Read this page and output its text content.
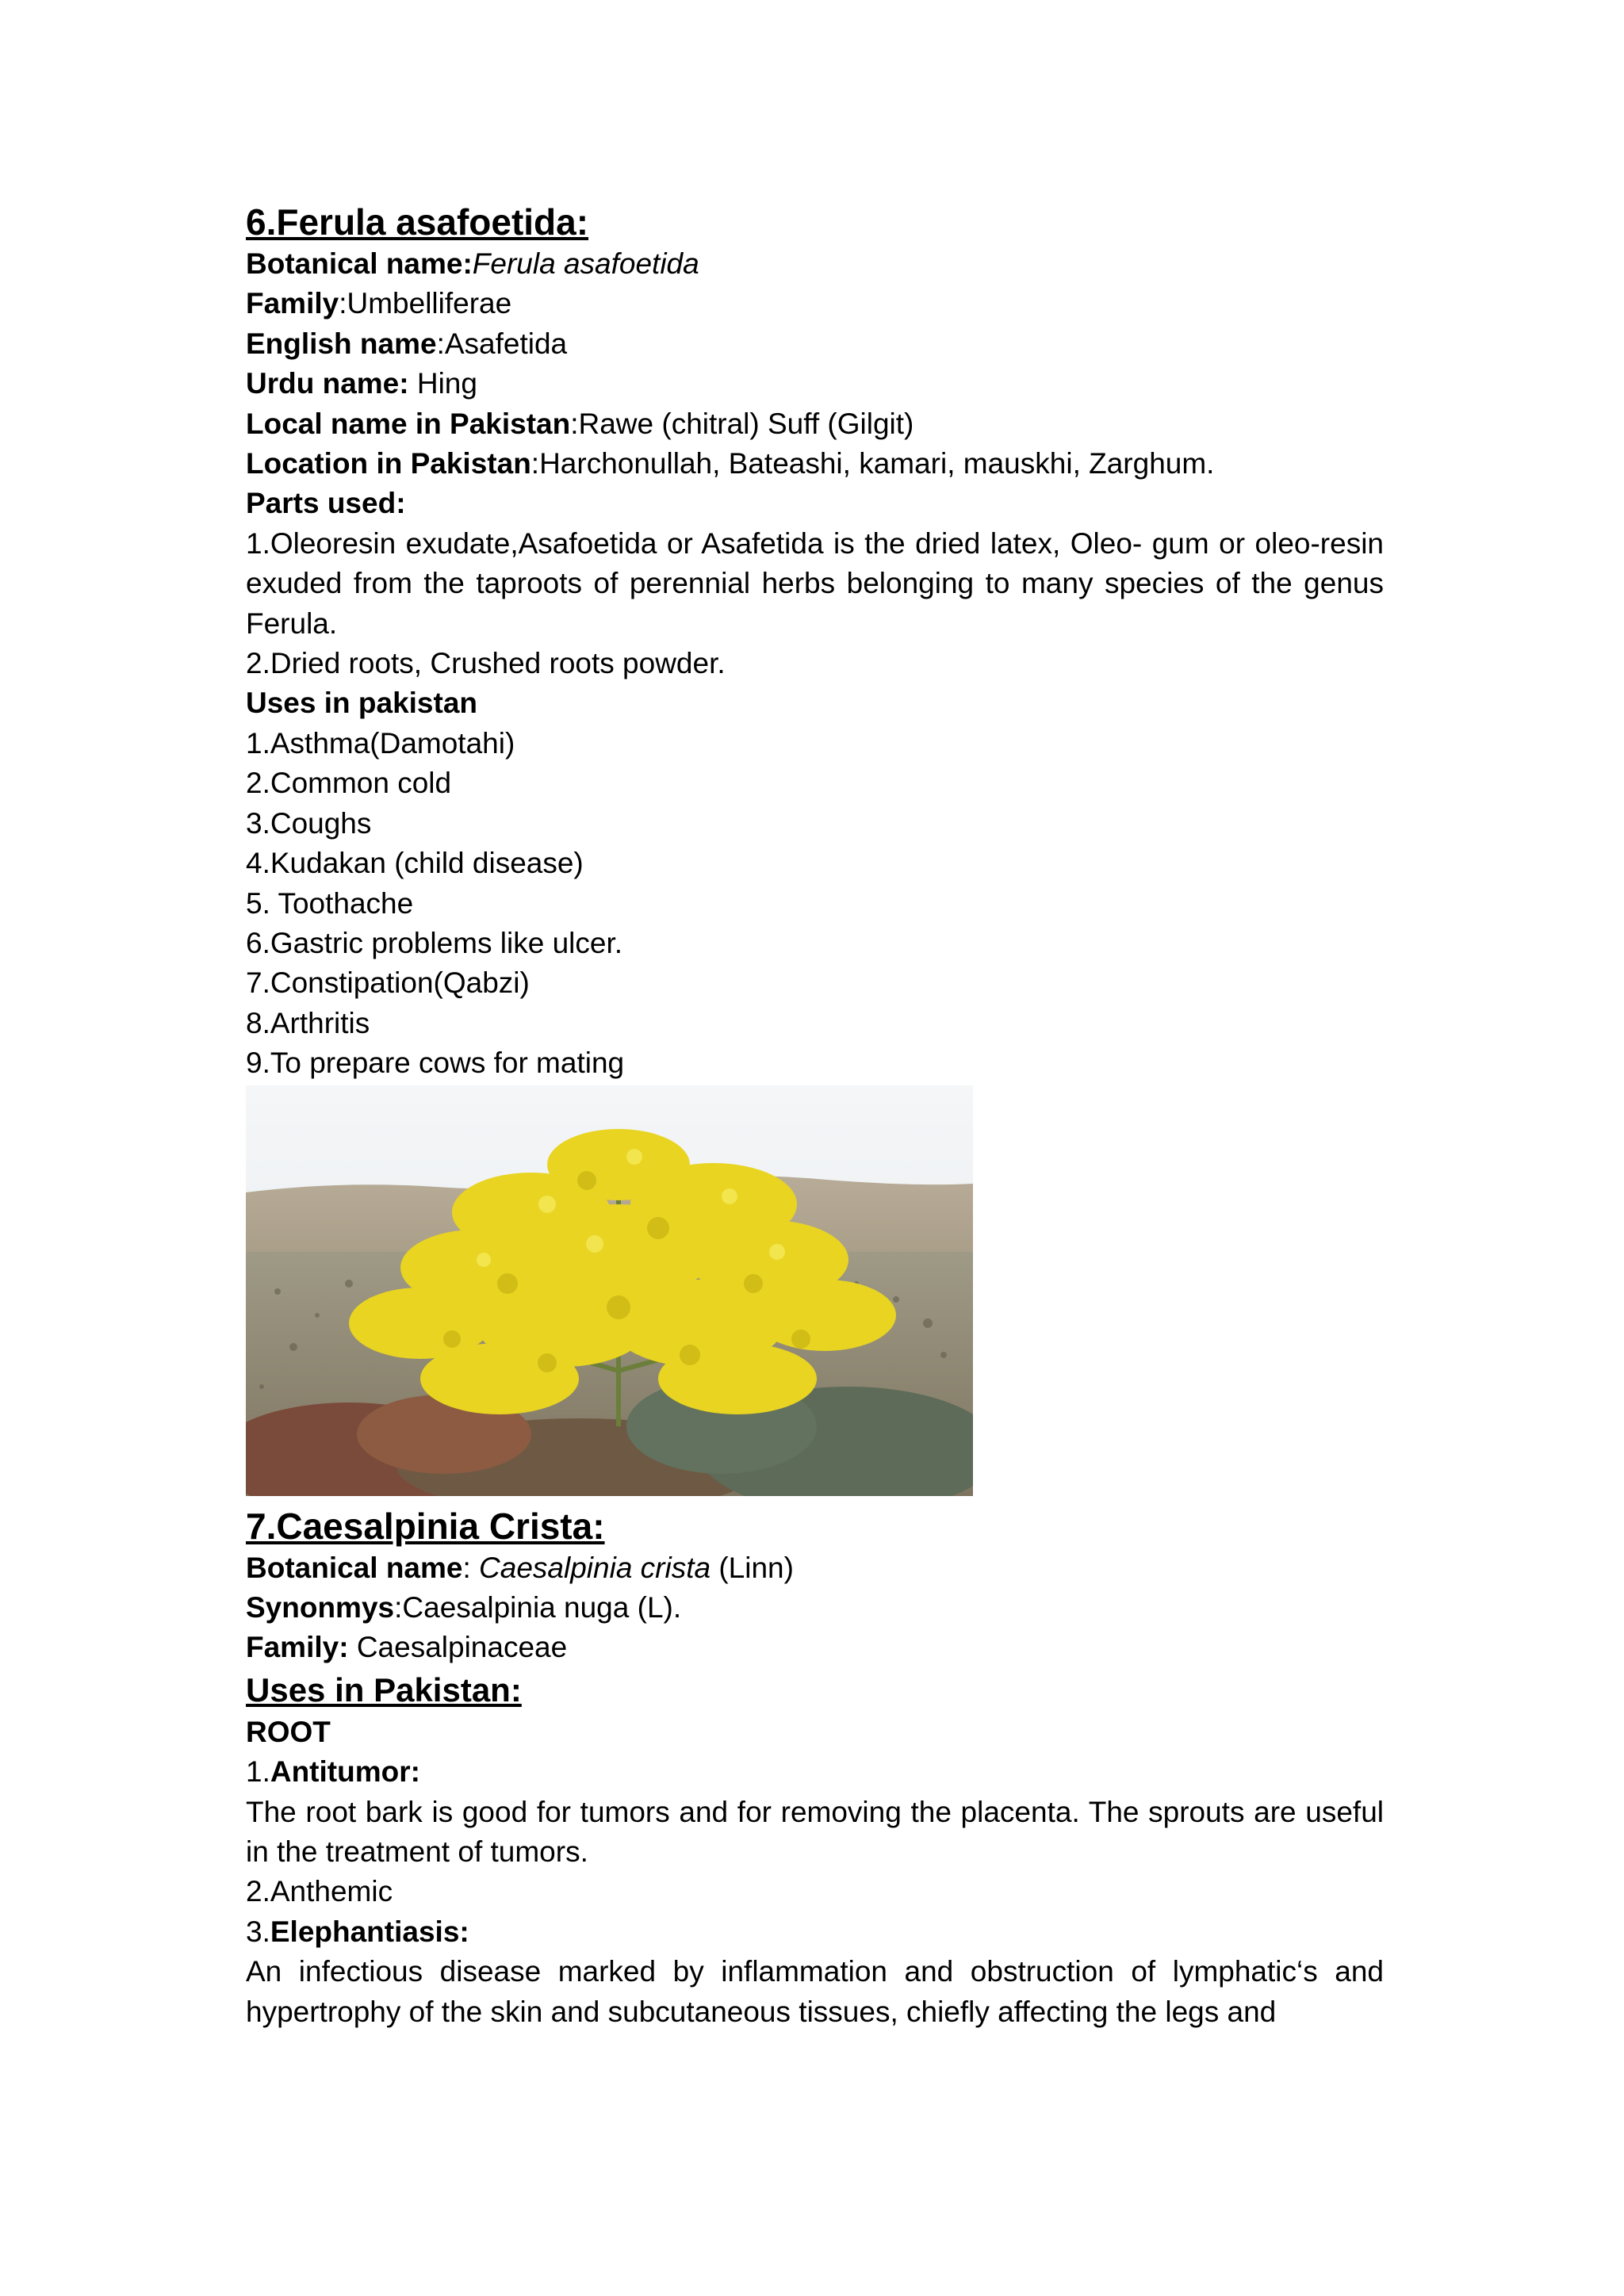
6.Ferula asafoetida:
Botanical name:Ferula asafoetida
Family:Umbelliferae
English name:Asafetida
Urdu name: Hing
Local name in Pakistan:Rawe (chitral) Suff (Gilgit)
Location in Pakistan:Harchonullah, Bateashi, kamari, mauskhi, Zarghum.
Parts used:
1.Oleoresin exudate,Asafoetida or Asafetida is the dried latex, Oleo- gum or oleo-resin exuded from the taproots of perennial herbs belonging to many species of the genus Ferula.
2.Dried roots, Crushed roots powder.
Uses in pakistan
1.Asthma(Damotahi)
2.Common cold
3.Coughs
4.Kudakan (child disease)
5. Toothache
6.Gastric problems like ulcer.
7.Constipation(Qabzi)
8.Arthritis
9.To prepare cows for mating
7.Caesalpinia Crista:
Botanical name: Caesalpinia crista (Linn)
Synonmys:Caesalpinia nuga (L).
Family: Caesalpinaceae
Uses in Pakistan:
ROOT
1.Antitumor:
The root bark is good for tumors and for removing the placenta. The sprouts are useful in the treatment of tumors.
2.Anthemic
3.Elephantiasis:
An infectious disease marked by inflammation and obstruction of lymphatic‘s and hypertrophy of the skin and subcutaneous tissues, chiefly affecting the legs and
